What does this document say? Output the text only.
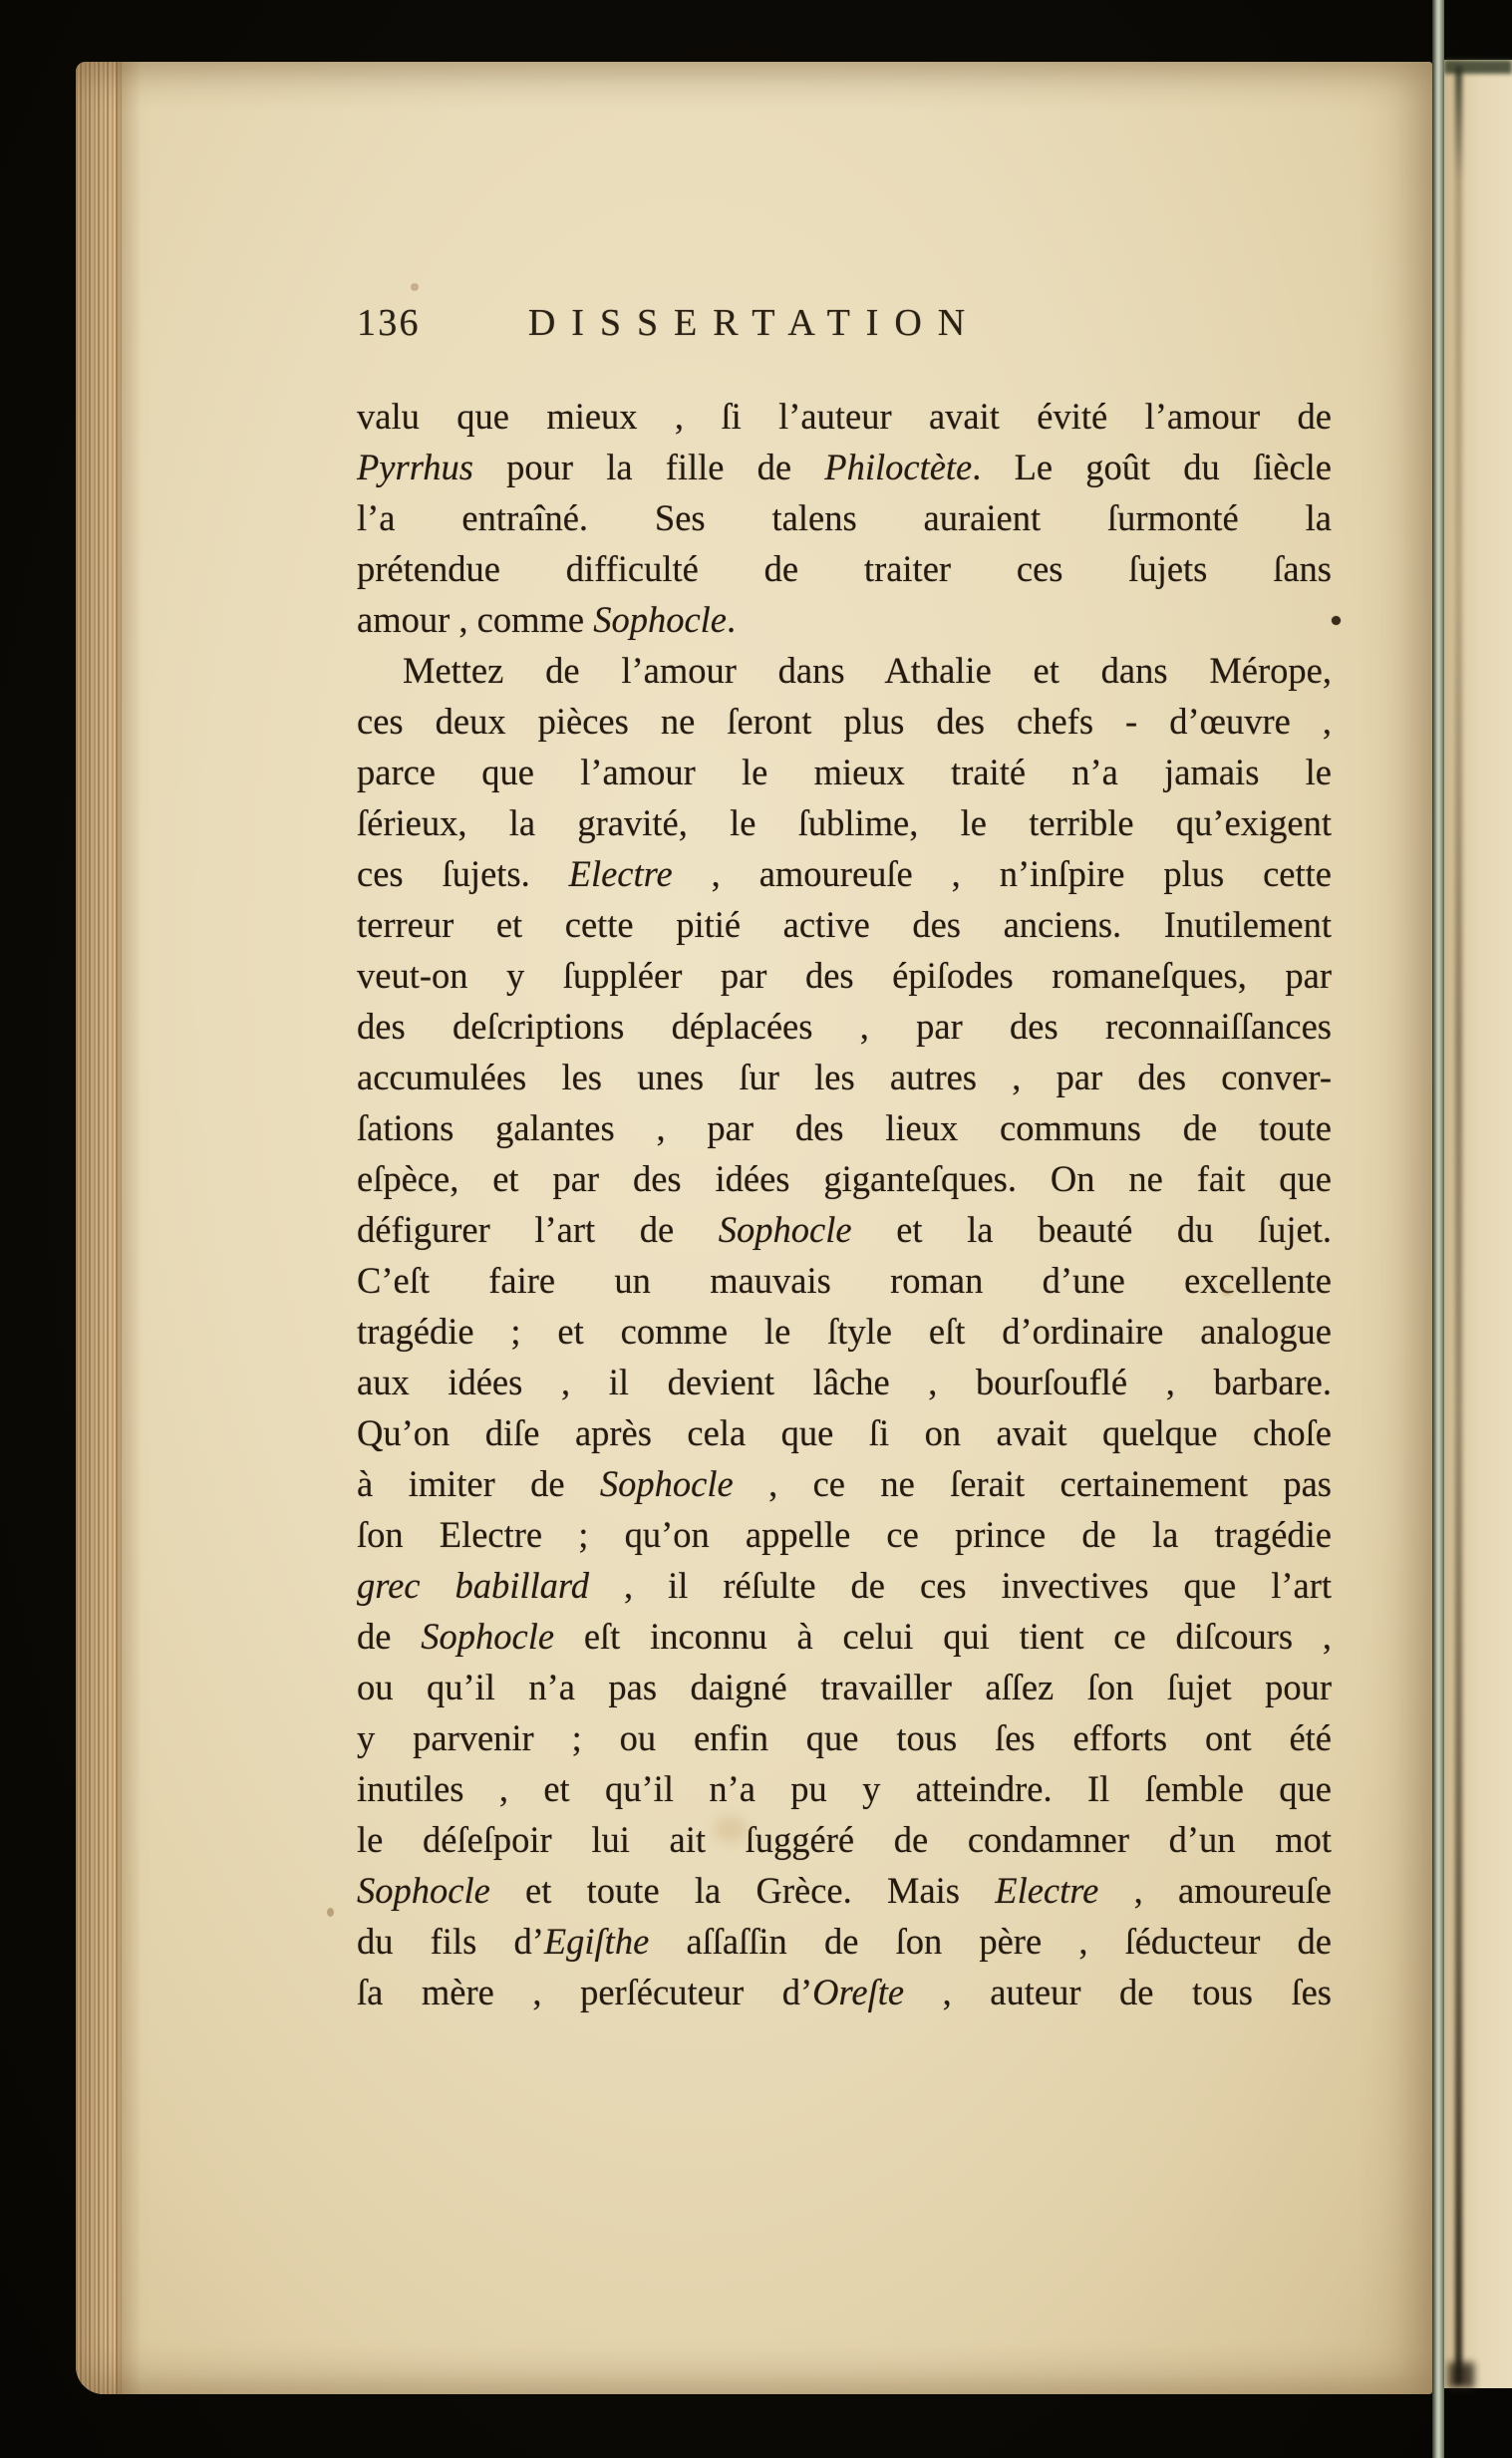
136	DISSERTATION
valu que mieux , ſi l’auteur avait évité l’amour de
Pyrrhus pour la fille de Philoctète. Le goût du ſiècle
l’a entraîné. Ses talens auraient ſurmonté la
prétendue difficulté de traiter ces ſujets ſans
amour , comme Sophocle.
Mettez de l’amour dans Athalie et dans Mérope,
ces deux pièces ne ſeront plus des chefs - d’œuvre ,
parce que l’amour le mieux traité n’a jamais le
ſérieux, la gravité, le ſublime, le terrible qu’exigent
ces ſujets. Electre , amoureuſe , n’inſpire plus cette
terreur et cette pitié active des anciens. Inutilement
veut-on y ſuppléer par des épiſodes romaneſques, par
des deſcriptions déplacées , par des reconnaiſſances
accumulées les unes ſur les autres , par des conver-
ſations galantes , par des lieux communs de toute
eſpèce, et par des idées giganteſques. On ne fait que
défigurer l’art de Sophocle et la beauté du ſujet.
C’eſt faire un mauvais roman d’une excellente
tragédie ; et comme le ſtyle eſt d’ordinaire analogue
aux idées , il devient lâche , bourſouflé , barbare.
Qu’on diſe après cela que ſi on avait quelque choſe
à imiter de Sophocle , ce ne ſerait certainement pas
ſon Electre ; qu’on appelle ce prince de la tragédie
grec babillard , il réſulte de ces invectives que l’art
de Sophocle eſt inconnu à celui qui tient ce diſcours ,
ou qu’il n’a pas daigné travailler aſſez ſon ſujet pour
y parvenir ; ou enfin que tous ſes efforts ont été
inutiles , et qu’il n’a pu y atteindre. Il ſemble que
le déſeſpoir lui ait ſuggéré de condamner d’un mot
Sophocle et toute la Grèce. Mais Electre , amoureuſe
du fils d’Egiſthe aſſaſſin de ſon père , ſéducteur de
ſa mère , perſécuteur d’Oreſte , auteur de tous ſes
